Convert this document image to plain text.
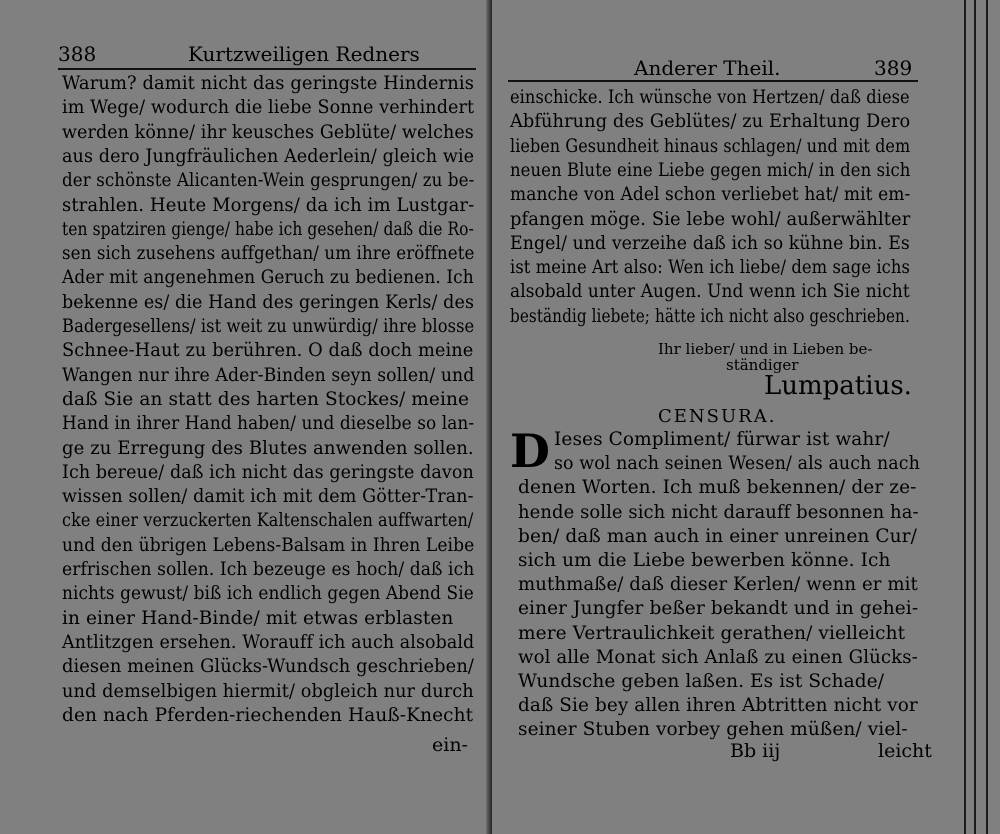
388	Kurtzweiligen Redners
Warum? damit nicht das geringste Hindernis
im Wege/ wodurch die liebe Sonne verhindert
werden könne/ ihr keusches Geblüte/ welches
aus dero Jungfräulichen Aederlein/ gleich wie
der schönste Alicanten-Wein gesprungen/ zu be-
strahlen. Heute Morgens/ da ich im Lustgar-
ten spatziren gienge/ habe ich gesehen/ daß die Ro-
sen sich zusehens auffgethan/ um ihre eröffnete
Ader mit angenehmen Geruch zu bedienen. Ich
bekenne es/ die Hand des geringen Kerls/ des
Badergesellens/ ist weit zu unwürdig/ ihre blosse
Schnee-Haut zu berühren. O daß doch meine
Wangen nur ihre Ader-Binden seyn sollen/ und
daß Sie an statt des harten Stockes/ meine
Hand in ihrer Hand haben/ und dieselbe so lan-
ge zu Erregung des Blutes anwenden sollen.
Ich bereue/ daß ich nicht das geringste davon
wissen sollen/ damit ich mit dem Götter-Tran-
cke einer verzuckerten Kaltenschalen auffwarten/
und den übrigen Lebens-Balsam in Ihren Leibe
erfrischen sollen. Ich bezeuge es hoch/ daß ich
nichts gewust/ biß ich endlich gegen Abend Sie
in einer Hand-Binde/ mit etwas erblasten
Antlitzgen ersehen. Worauff ich auch alsobald
diesen meinen Glücks-Wundsch geschrieben/
und demselbigen hiermit/ obgleich nur durch
den nach Pferden-riechenden Hauß-Knecht
ein-
Anderer Theil.	389
einschicke. Ich wünsche von Hertzen/ daß diese
Abführung des Geblütes/ zu Erhaltung Dero
lieben Gesundheit hinaus schlagen/ und mit dem
neuen Blute eine Liebe gegen mich/ in den sich
manche von Adel schon verliebet hat/ mit em-
pfangen möge. Sie lebe wohl/ außerwählter
Engel/ und verzeihe daß ich so kühne bin. Es
ist meine Art also: Wen ich liebe/ dem sage ichs
alsobald unter Augen. Und wenn ich Sie nicht
beständig liebete; hätte ich nicht also geschrieben.
Ihr lieber/ und in Lieben be-
ständiger
Lumpatius.
CENSURA.
D Ieses Compliment/ fürwar ist wahr/
so wol nach seinen Wesen/ als auch nach
denen Worten. Ich muß bekennen/ der ze-
hende solle sich nicht darauff besonnen ha-
ben/ daß man auch in einer unreinen Cur/
sich um die Liebe bewerben könne. Ich
muthmaße/ daß dieser Kerlen/ wenn er mit
einer Jungfer beßer bekandt und in gehei-
mere Vertraulichkeit gerathen/ vielleicht
wol alle Monat sich Anlaß zu einen Glücks-
Wundsche geben laßen. Es ist Schade/
daß Sie bey allen ihren Abtritten nicht vor
seiner Stuben vorbey gehen müßen/ viel-
Bb iij	leicht
